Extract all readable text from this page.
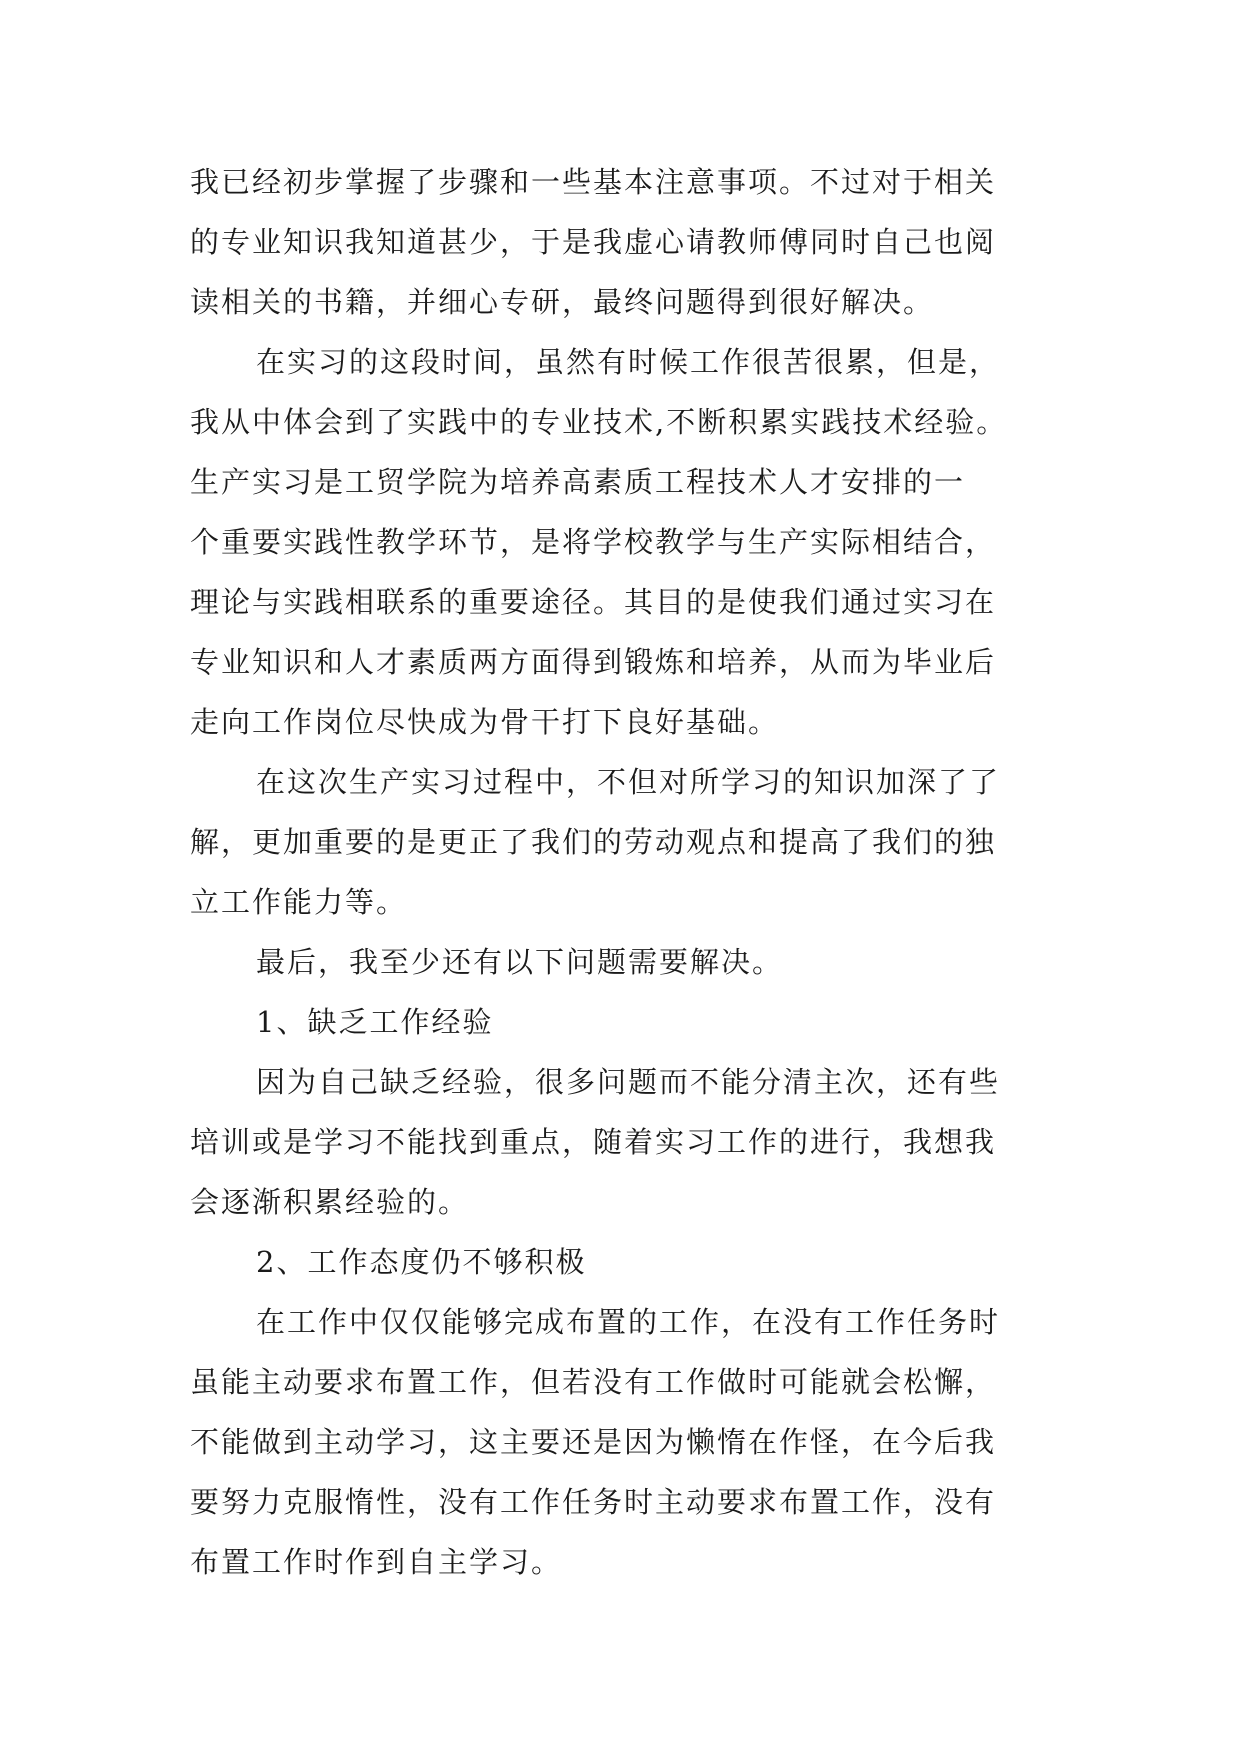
我已经初步掌握了步骤和一些基本注意事项。不过对于相关
的专业知识我知道甚少，于是我虚心请教师傅同时自己也阅
读相关的书籍，并细心专研，最终问题得到很好解决。
在实习的这段时间，虽然有时候工作很苦很累，但是，
我从中体会到了实践中的专业技术,不断积累实践技术经验。
生产实习是工贸学院为培养高素质工程技术人才安排的一
个重要实践性教学环节，是将学校教学与生产实际相结合，
理论与实践相联系的重要途径。其目的是使我们通过实习在
专业知识和人才素质两方面得到锻炼和培养，从而为毕业后
走向工作岗位尽快成为骨干打下良好基础。
在这次生产实习过程中，不但对所学习的知识加深了了
解，更加重要的是更正了我们的劳动观点和提高了我们的独
立工作能力等。
最后，我至少还有以下问题需要解决。
1、缺乏工作经验
因为自己缺乏经验，很多问题而不能分清主次，还有些
培训或是学习不能找到重点，随着实习工作的进行，我想我
会逐渐积累经验的。
2、工作态度仍不够积极
在工作中仅仅能够完成布置的工作，在没有工作任务时
虽能主动要求布置工作，但若没有工作做时可能就会松懈，
不能做到主动学习，这主要还是因为懒惰在作怪，在今后我
要努力克服惰性，没有工作任务时主动要求布置工作，没有
布置工作时作到自主学习。
